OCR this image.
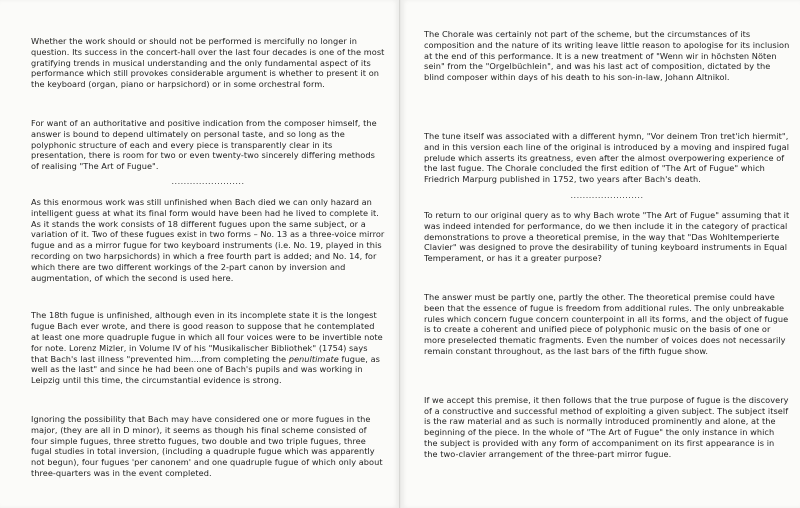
Whether the work should or should not be performed is mercifully no longer in question. Its success in the concert-hall over the last four decades is one of the most gratifying trends in musical understanding and the only fundamental aspect of its performance which still provokes considerable argument is whether to present it on the keyboard (organ, piano or harpsichord) or in some orchestral form.

For want of an authoritative and positive indication from the composer himself, the answer is bound to depend ultimately on personal taste, and so long as the polyphonic structure of each and every piece is transparently clear in its presentation, there is room for two or even twenty-two sincerely differing methods of realising "The Art of Fugue".

........................

As this enormous work was still unfinished when Bach died we can only hazard an intelligent guess at what its final form would have been had he lived to complete it. As it stands the work consists of 18 different fugues upon the same subject, or a variation of it. Two of these fugues exist in two forms – No. 13 as a three-voice mirror fugue and as a mirror fugue for two keyboard instruments (i.e. No. 19, played in this recording on two harpsichords) in which a free fourth part is added; and No. 14, for which there are two different workings of the 2-part canon by inversion and augmentation, of which the second is used here.

The 18th fugue is unfinished, although even in its incomplete state it is the longest fugue Bach ever wrote, and there is good reason to suppose that he contemplated at least one more quadruple fugue in which all four voices were to be invertible note for note. Lorenz Mizler, in Volume IV of his "Musikalischer Bibliothek" (1754) says that Bach's last illness "prevented him....from completing the penultimate fugue, as well as the last" and since he had been one of Bach's pupils and was working in Leipzig until this time, the circumstantial evidence is strong.

Ignoring the possibility that Bach may have considered one or more fugues in the major, (they are all in D minor), it seems as though his final scheme consisted of four simple fugues, three stretto fugues, two double and two triple fugues, three fugal studies in total inversion, (including a quadruple fugue which was apparently not begun), four fugues 'per canonem' and one quadruple fugue of which only about three-quarters was in the event completed.

The Chorale was certainly not part of the scheme, but the circumstances of its composition and the nature of its writing leave little reason to apologise for its inclusion at the end of this performance. It is a new treatment of "Wenn wir in höchsten Nöten sein" from the "Orgelbüchlein", and was his last act of composition, dictated by the blind composer within days of his death to his son-in-law, Johann Altnikol.

The tune itself was associated with a different hymn, "Vor deinem Tron tret'ich hiermit", and in this version each line of the original is introduced by a moving and inspired fugal prelude which asserts its greatness, even after the almost overpowering experience of the last fugue. The Chorale concluded the first edition of "The Art of Fugue" which Friedrich Marpurg published in 1752, two years after Bach's death.

........................

To return to our original query as to why Bach wrote "The Art of Fugue" assuming that it was indeed intended for performance, do we then include it in the category of practical demonstrations to prove a theoretical premise, in the way that "Das Wohltemperierte Clavier" was designed to prove the desirability of tuning keyboard instruments in Equal Temperament, or has it a greater purpose?

The answer must be partly one, partly the other. The theoretical premise could have been that the essence of fugue is freedom from additional rules. The only unbreakable rules which concern fugue concern counterpoint in all its forms, and the object of fugue is to create a coherent and unified piece of polyphonic music on the basis of one or more preselected thematic fragments. Even the number of voices does not necessarily remain constant throughout, as the last bars of the fifth fugue show.

If we accept this premise, it then follows that the true purpose of fugue is the discovery of a constructive and successful method of exploiting a given subject. The subject itself is the raw material and as such is normally introduced prominently and alone, at the beginning of the piece. In the whole of "The Art of Fugue" the only instance in which the subject is provided with any form of accompaniment on its first appearance is in the two-clavier arrangement of the three-part mirror fugue.
